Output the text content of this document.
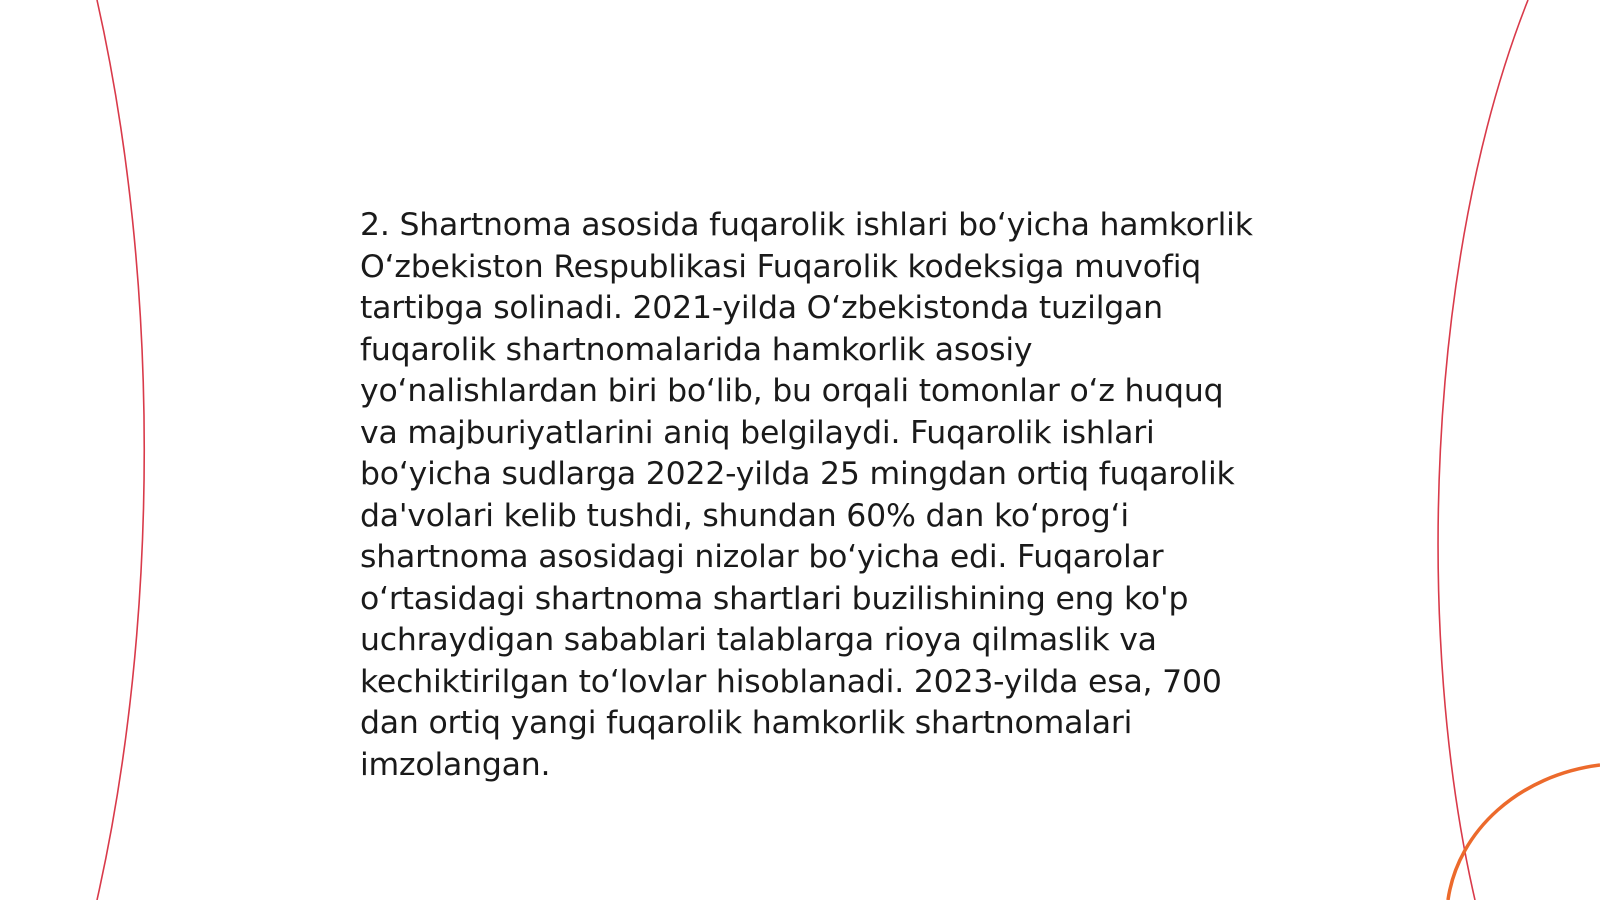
2. Shartnoma asosida fuqarolik ishlari bo‘yicha hamkorlik O‘zbekiston Respublikasi Fuqarolik kodeksiga muvofiq tartibga solinadi. 2021-yilda O‘zbekistonda tuzilgan fuqarolik shartnomalarida hamkorlik asosiy yo‘nalishlardan biri bo‘lib, bu orqali tomonlar o‘z huquq va majburiyatlarini aniq belgilaydi. Fuqarolik ishlari bo‘yicha sudlarga 2022-yilda 25 mingdan ortiq fuqarolik da'volari kelib tushdi, shundan 60% dan ko‘prog‘i shartnoma asosidagi nizolar bo‘yicha edi. Fuqarolar o‘rtasidagi shartnoma shartlari buzilishining eng ko'p uchraydigan sabablari talablarga rioya qilmaslik va kechiktirilgan to‘lovlar hisoblanadi. 2023-yilda esa, 700 dan ortiq yangi fuqarolik hamkorlik shartnomalari imzolangan.
